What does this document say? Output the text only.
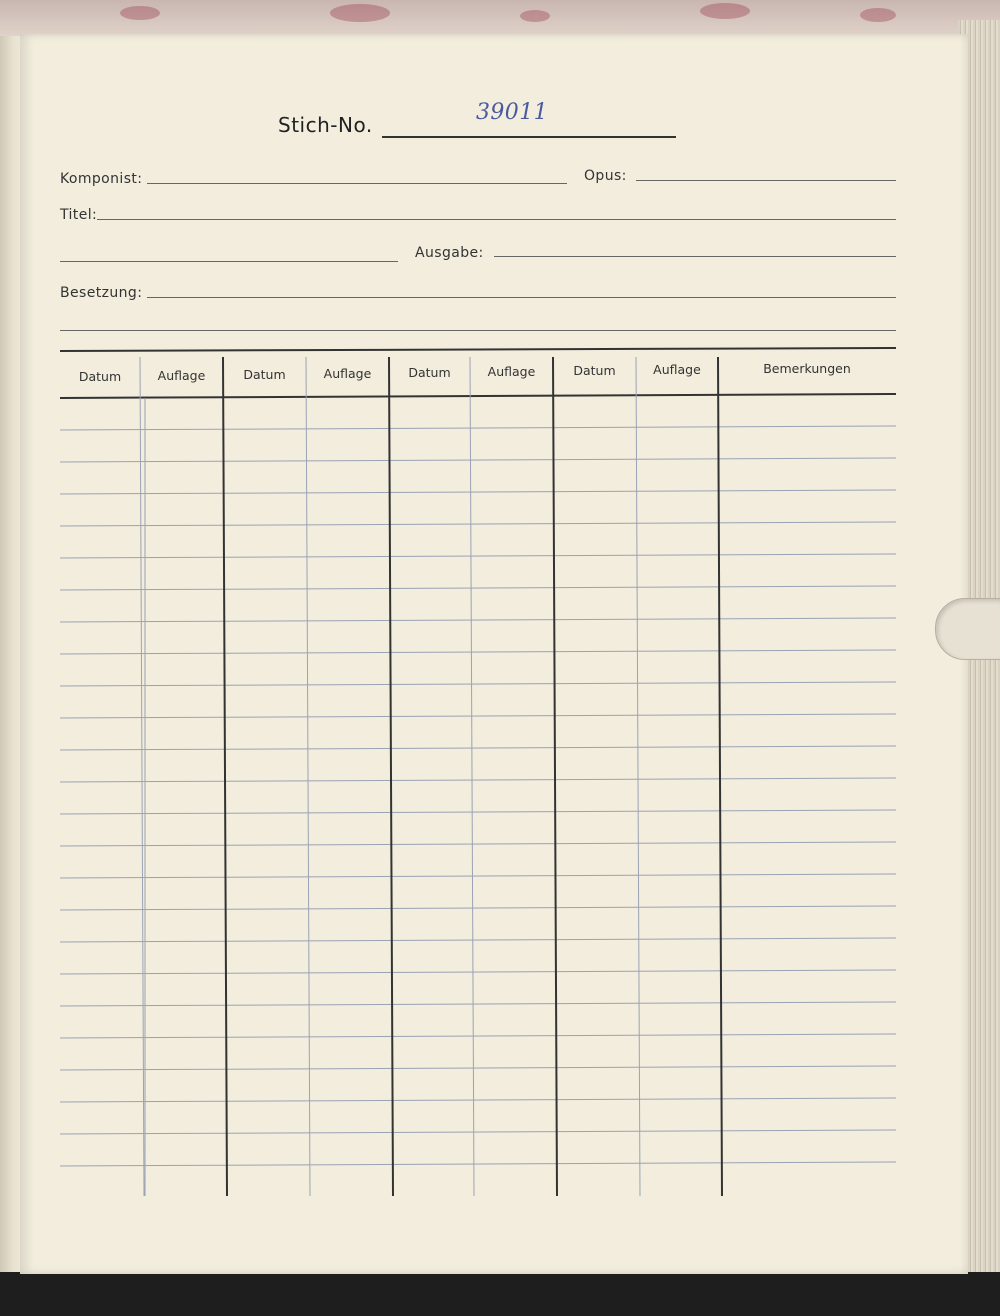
Stich-No.	39011
Komponist:	Opus:
Titel:
Ausgabe:
Besetzung:
Datum	Auflage	Datum	Auflage	Datum	Auflage	Datum	Auflage	Bemerkungen
